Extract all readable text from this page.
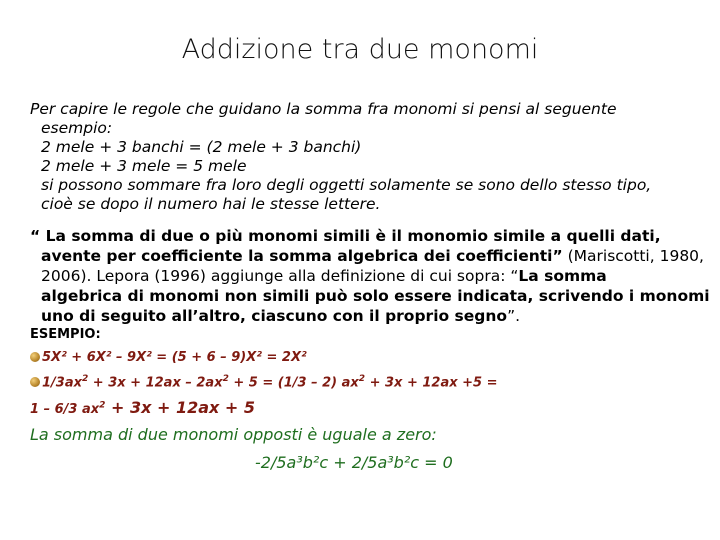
Addizione tra due monomi
Per capire le regole che guidano la somma fra monomi si pensi al seguente
esempio:
2 mele + 3 banchi = (2 mele + 3 banchi)
2 mele + 3 mele = 5 mele
si possono sommare fra loro degli oggetti solamente se sono dello stesso tipo,
cioè se dopo il numero hai le stesse lettere.
“ La somma di due o più monomi simili è il monomio simile a quelli dati,
avente per coefficiente la somma algebrica dei coefficienti” (Mariscotti, 1980,
2006). Lepora (1996) aggiunge alla definizione di cui sopra: “La somma
algebrica di monomi non simili può solo essere indicata, scrivendo i monomi
uno di seguito all’altro, ciascuno con il proprio segno”.
ESEMPIO:
5X² + 6X² – 9X² = (5 + 6 – 9)X² = 2X²
$1/3ax^2 + 3x + 12ax - 2ax^2 + 5 = (1/3 - 2) ax^2 + 3x + 12ax +5$ =
1 – 6/3 $ax^2 + 3x + 12ax + 5$
La somma di due monomi opposti è uguale a zero:
-2/5a³b²c + 2/5a³b²c = 0
